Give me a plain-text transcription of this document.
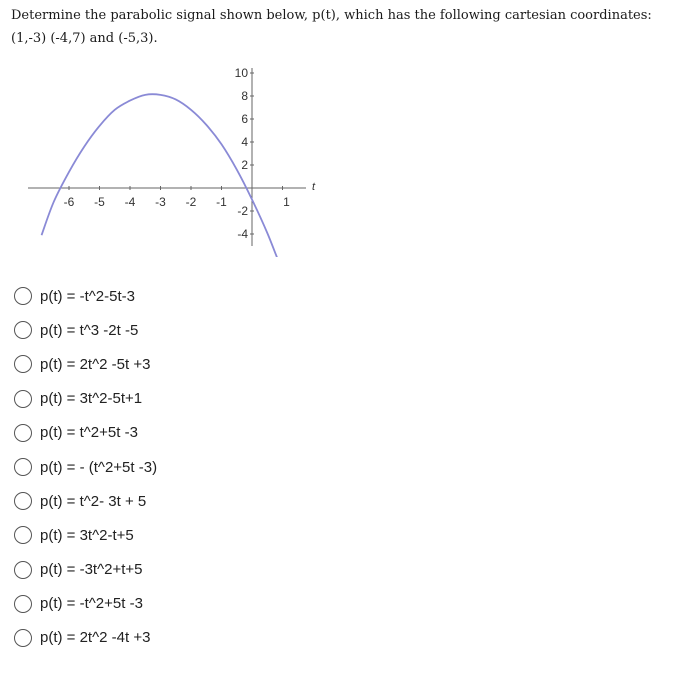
Determine the parabolic signal shown below, p(t), which has the following cartesian coordinates:(1,-3) (-4,7) and (-5,3).
-6 -5 -4 -3 -2 -1	1
10
8
6
4
2
-2
-4
t
p(t) = -t^2-5t-3
p(t) = t^3 -2t -5
p(t) = 2t^2 -5t +3
p(t) = 3t^2-5t+1
p(t) = t^2+5t -3
p(t) = - (t^2+5t -3)
p(t) = t^2- 3t + 5
p(t) = 3t^2-t+5
p(t) = -3t^2+t+5
p(t) = -t^2+5t -3
p(t) = 2t^2 -4t +3
